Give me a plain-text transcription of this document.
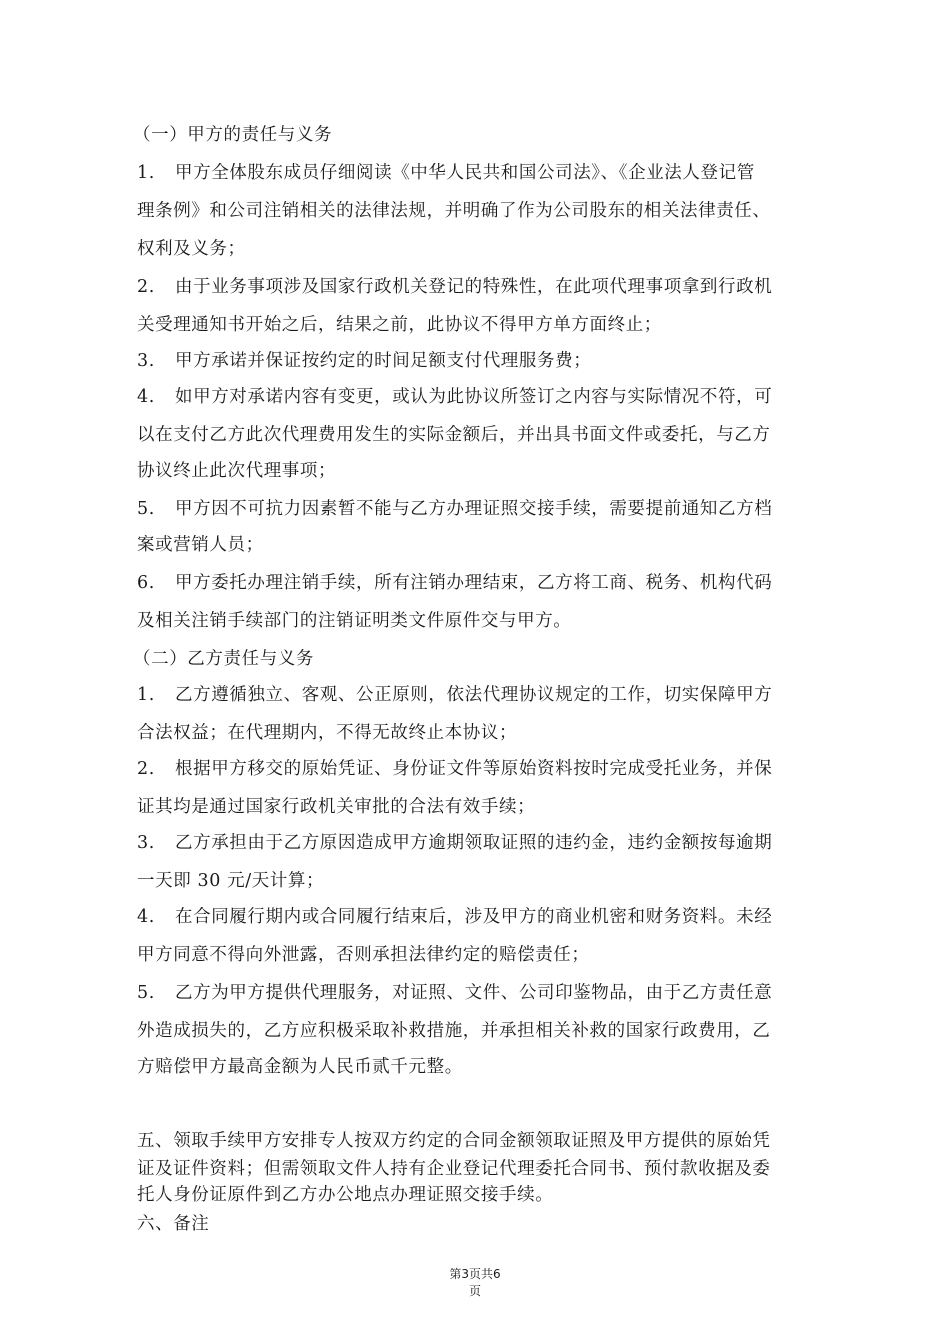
（一）甲方的责任与义务
1. 甲方全体股东成员仔细阅读《中华人民共和国公司法》、《企业法人登记管
理条例》和公司注销相关的法律法规，并明确了作为公司股东的相关法律责任、
权利及义务；
2. 由于业务事项涉及国家行政机关登记的特殊性，在此项代理事项拿到行政机
关受理通知书开始之后，结果之前，此协议不得甲方单方面终止；
3. 甲方承诺并保证按约定的时间足额支付代理服务费；
4. 如甲方对承诺内容有变更，或认为此协议所签订之内容与实际情况不符，可
以在支付乙方此次代理费用发生的实际金额后，并出具书面文件或委托，与乙方
协议终止此次代理事项；
5. 甲方因不可抗力因素暂不能与乙方办理证照交接手续，需要提前通知乙方档
案或营销人员；
6. 甲方委托办理注销手续，所有注销办理结束，乙方将工商、税务、机构代码
及相关注销手续部门的注销证明类文件原件交与甲方。
（二）乙方责任与义务
1. 乙方遵循独立、客观、公正原则，依法代理协议规定的工作，切实保障甲方
合法权益；在代理期内，不得无故终止本协议；
2. 根据甲方移交的原始凭证、身份证文件等原始资料按时完成受托业务，并保
证其均是通过国家行政机关审批的合法有效手续；
3. 乙方承担由于乙方原因造成甲方逾期领取证照的违约金，违约金额按每逾期
一天即 30 元/天计算；
4. 在合同履行期内或合同履行结束后，涉及甲方的商业机密和财务资料。未经
甲方同意不得向外泄露，否则承担法律约定的赔偿责任；
5. 乙方为甲方提供代理服务，对证照、文件、公司印鉴物品，由于乙方责任意
外造成损失的，乙方应积极采取补救措施，并承担相关补救的国家行政费用，乙
方赔偿甲方最高金额为人民币贰千元整。
五、领取手续甲方安排专人按双方约定的合同金额领取证照及甲方提供的原始凭
证及证件资料；但需领取文件人持有企业登记代理委托合同书、预付款收据及委
托人身份证原件到乙方办公地点办理证照交接手续。
六、备注
第3页共6
页
